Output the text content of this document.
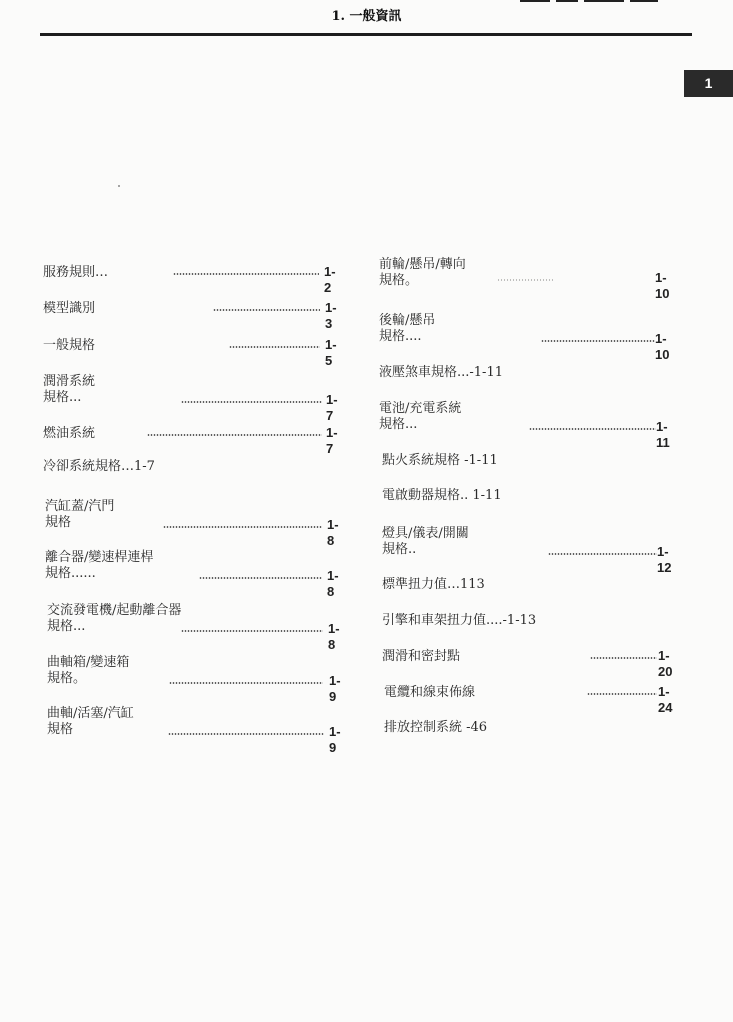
1. 一般資訊
1
服務規則…	1-2
模型識別	1-3
一般規格	1-5
潤滑系統
規格...	1-7
燃油系統	1-7
冷卻系統規格…1-7
汽缸蓋/汽門
規格	1-8
離合器/變速桿連桿
規格......	1-8
交流發電機/起動離合器
規格...	1-8
曲軸箱/變速箱
規格。	1-9
曲軸/活塞/汽缸
規格	1-9
前輪/懸吊/轉向
規格。	1-10
後輪/懸吊
規格....	1-10
液壓煞車規格...-1-11
電池/充電系統
規格...	1-11
點火系統規格 -1-11
電啟動器規格.. 1-11
燈具/儀表/開關
規格..	1-12
標準扭力值…113
引擎和車架扭力值....-1-13
潤滑和密封點	1-20
電纜和線束佈線	1-24
排放控制系統 -46
